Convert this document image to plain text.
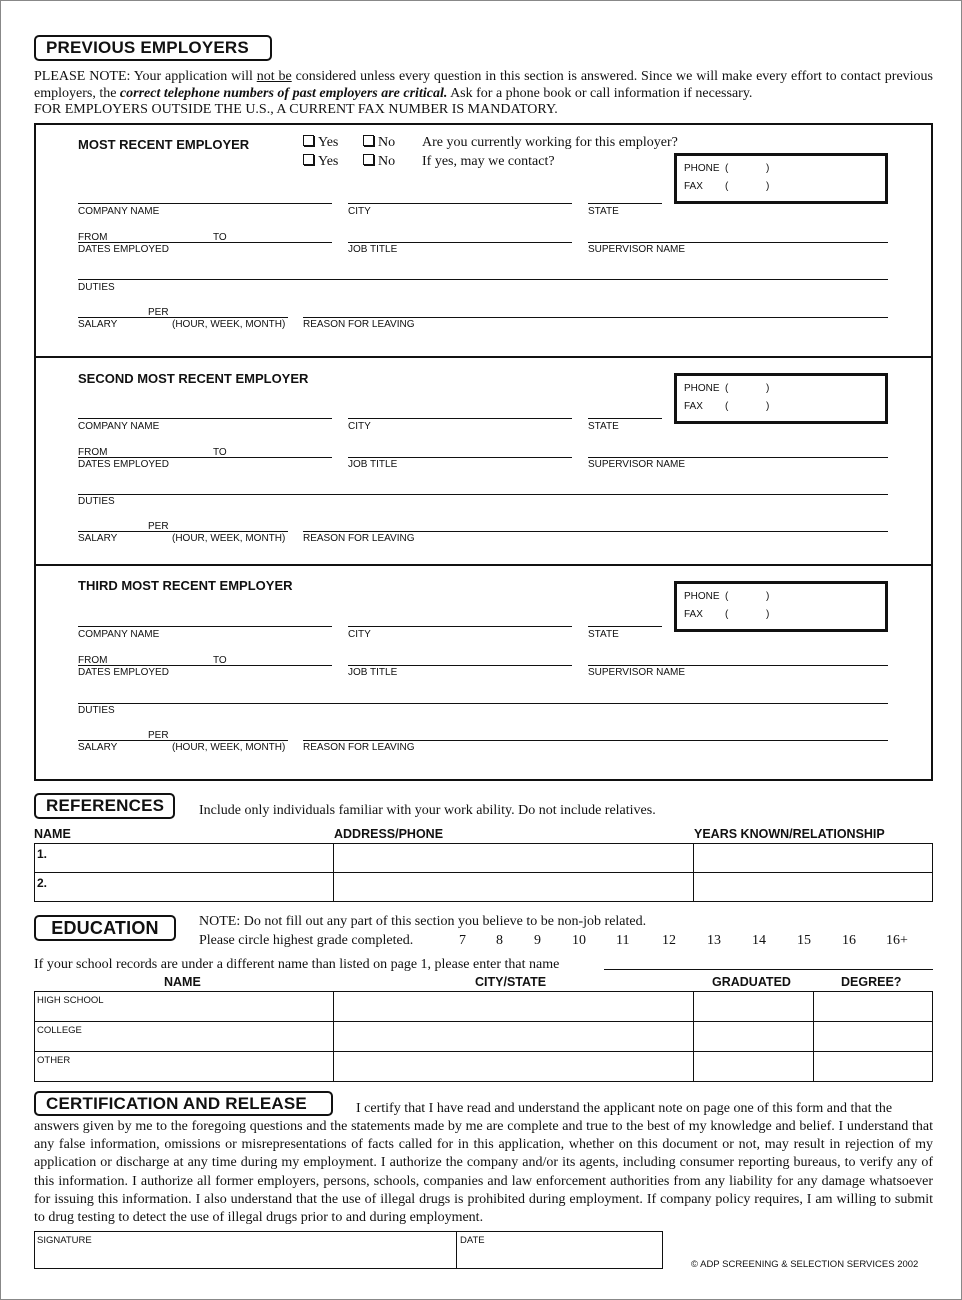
PREVIOUS EMPLOYERS

PLEASE NOTE: Your application will not be considered unless every question in this section is answered. Since we will make every effort to contact previous employers, the correct telephone numbers of past employers are critical. Ask for a phone book or call information if necessary.

FOR EMPLOYERS OUTSIDE THE U.S., A CURRENT FAX NUMBER IS MANDATORY.

MOST RECENT EMPLOYER	Yes	No Are you currently working for this employer?
Yes	No If yes, may we contact?	PHONE (	)
FAX (	)
COMPANY NAME	CITY	STATE
FROM	TO
DATES EMPLOYED	JOB TITLE	SUPERVISOR NAME
DUTIES
PER
SALARY	(HOUR, WEEK, MONTH) REASON FOR LEAVING
SECOND MOST RECENT EMPLOYER
PHONE (	)
FAX (	)
COMPANY NAME	CITY	STATE
FROM	TO
DATES EMPLOYED	JOB TITLE	SUPERVISOR NAME
DUTIES
PER
SALARY	(HOUR, WEEK, MONTH) REASON FOR LEAVING
THIRD MOST RECENT EMPLOYER
PHONE (	)
FAX (	)
COMPANY NAME	CITY	STATE
FROM	TO
DATES EMPLOYED	JOB TITLE	SUPERVISOR NAME
DUTIES
PER
SALARY	(HOUR, WEEK, MONTH) REASON FOR LEAVING
REFERENCES	Include only individuals familiar with your work ability. Do not include relatives.
NAME	ADDRESS/PHONE	YEARS KNOWN/RELATIONSHIP
1.		

2.		

EDUCATION	NOTE: Do not fill out any part of this section you believe to be non-job related.
Please circle highest grade completed.	7 8 9 10 11 12 13 14 15 16 16+
If your school records are under a different name than listed on page 1, please enter that name
NAME	CITY/STATE	GRADUATED	DEGREE?
HIGH SCHOOL			

COLLEGE			

OTHER			

CERTIFICATION AND RELEASE	I certify that I have read and understand the applicant note on page one of this form and that the
answers given by me to the foregoing questions and the statements made by me are complete and true to the best of my knowledge and belief. I understand that any false information, omissions or misrepresentations of facts called for in this application, whether on this document or not, may result in rejection of my application or discharge at any time during my employment. I authorize the company and/or its agents, including consumer reporting bureaus, to verify any of this information. I authorize all former employers, persons, schools, companies and law enforcement authorities from any liability for any damage whatsoever for issuing this information. I also understand that the use of illegal drugs is prohibited during employment. If company policy requires, I am willing to submit to drug testing to detect the use of illegal drugs prior to and during employment.
SIGNATURE	DATE
© ADP SCREENING & SELECTION SERVICES 2002
